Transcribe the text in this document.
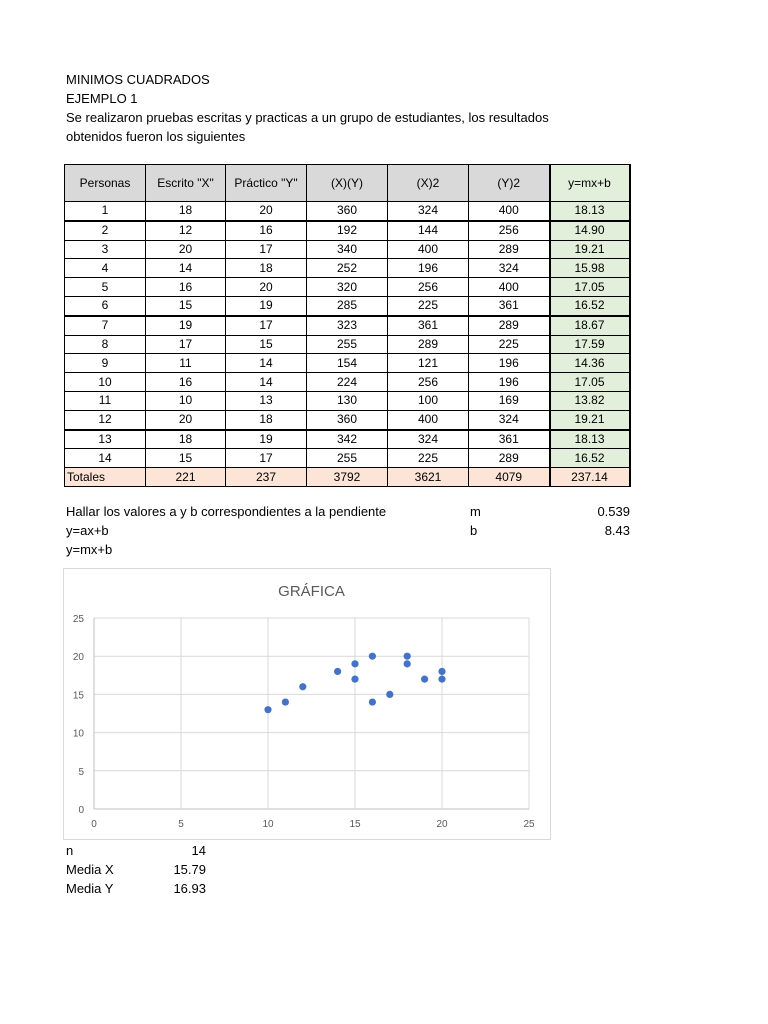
MINIMOS CUADRADOS
EJEMPLO 1
Se realizaron pruebas escritas y practicas a un grupo de estudiantes, los resultados
obtenidos fueron los siguientes
Personas	Escrito "X"	Práctico "Y"	(X)(Y)	(X)2	(Y)2	y=mx+b
1	18	20	360	324	400	18.13
2	12	16	192	144	256	14.90
3	20	17	340	400	289	19.21
4	14	18	252	196	324	15.98
5	16	20	320	256	400	17.05
6	15	19	285	225	361	16.52
7	19	17	323	361	289	18.67
8	17	15	255	289	225	17.59
9	11	14	154	121	196	14.36
10	16	14	224	256	196	17.05
11	10	13	130	100	169	13.82
12	20	18	360	400	324	19.21
13	18	19	342	324	361	18.13
14	15	17	255	225	289	16.52
Totales	221	237	3792	3621	4079	237.14
Hallar los valores a y b correspondientes a la pendiente	m	0.539
y=ax+b	b	8.43
y=mx+b
GRÁFICA
0
5
10
15
20
25
0	5	10	15	20	25
n	14
Media X	15.79
Media Y	16.93
